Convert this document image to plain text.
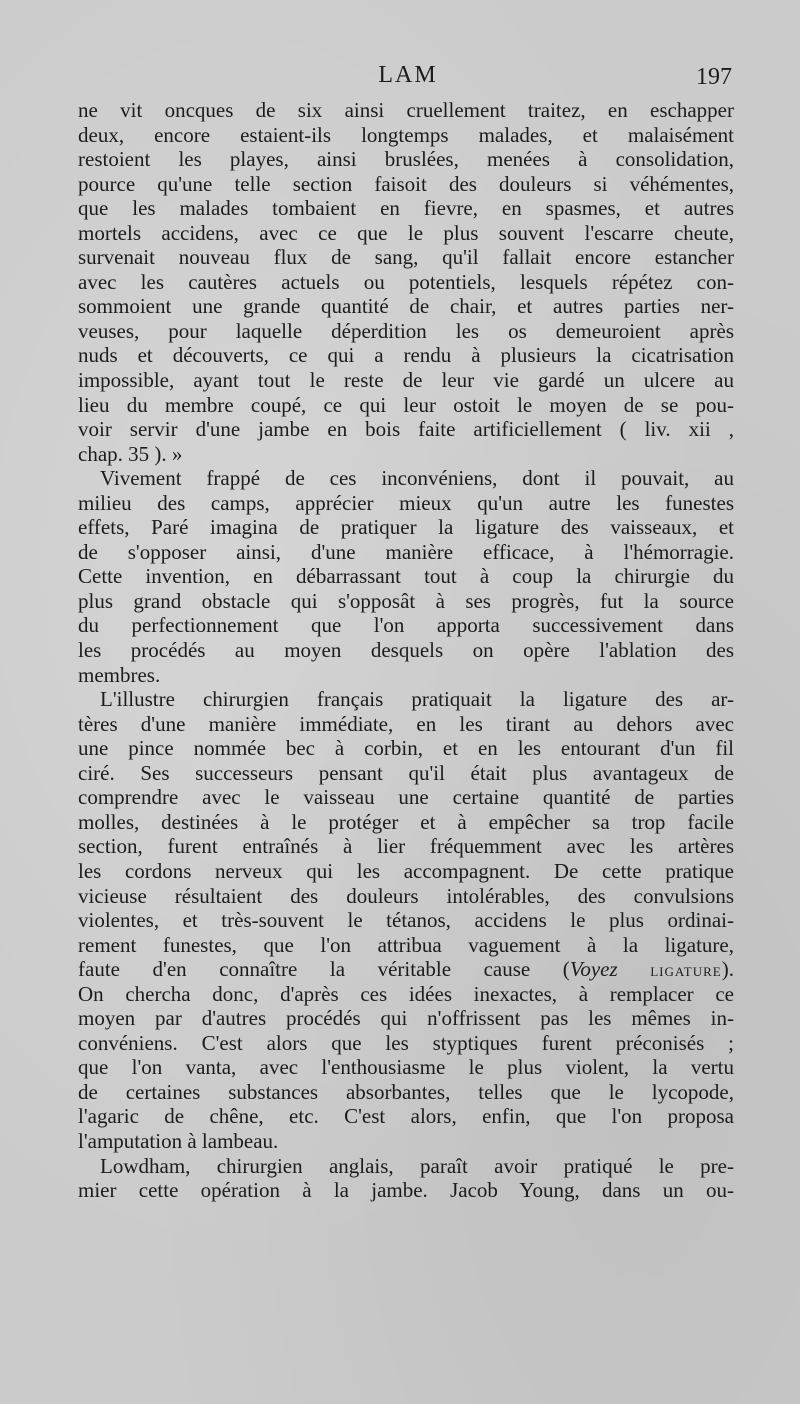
LAM	197
ne vit oncques de six ainsi cruellement traitez, en eschapper
deux, encore estaient-ils longtemps malades, et malaisément
restoient les playes, ainsi bruslées, menées à consolidation,
pource qu'une telle section faisoit des douleurs si véhémentes,
que les malades tombaient en fievre, en spasmes, et autres
mortels accidens, avec ce que le plus souvent l'escarre cheute,
survenait nouveau flux de sang, qu'il fallait encore estancher
avec les cautères actuels ou potentiels, lesquels répétez con-
sommoient une grande quantité de chair, et autres parties ner-
veuses, pour laquelle déperdition les os demeuroient après
nuds et découverts, ce qui a rendu à plusieurs la cicatrisation
impossible, ayant tout le reste de leur vie gardé un ulcere au
lieu du membre coupé, ce qui leur ostoit le moyen de se pou-
voir servir d'une jambe en bois faite artificiellement ( liv. xii ,
chap. 35 ). »
Vivement frappé de ces inconvéniens, dont il pouvait, au
milieu des camps, apprécier mieux qu'un autre les funestes
effets, Paré imagina de pratiquer la ligature des vaisseaux, et
de s'opposer ainsi, d'une manière efficace, à l'hémorragie.
Cette invention, en débarrassant tout à coup la chirurgie du
plus grand obstacle qui s'opposât à ses progrès, fut la source
du perfectionnement que l'on apporta successivement dans
les procédés au moyen desquels on opère l'ablation des
membres.
L'illustre chirurgien français pratiquait la ligature des ar-
tères d'une manière immédiate, en les tirant au dehors avec
une pince nommée bec à corbin, et en les entourant d'un fil
ciré. Ses successeurs pensant qu'il était plus avantageux de
comprendre avec le vaisseau une certaine quantité de parties
molles, destinées à le protéger et à empêcher sa trop facile
section, furent entraînés à lier fréquemment avec les artères
les cordons nerveux qui les accompagnent. De cette pratique
vicieuse résultaient des douleurs intolérables, des convulsions
violentes, et très-souvent le tétanos, accidens le plus ordinai-
rement funestes, que l'on attribua vaguement à la ligature,
faute d'en connaître la véritable cause (Voyez ligature).
On chercha donc, d'après ces idées inexactes, à remplacer ce
moyen par d'autres procédés qui n'offrissent pas les mêmes in-
convéniens. C'est alors que les styptiques furent préconisés ;
que l'on vanta, avec l'enthousiasme le plus violent, la vertu
de certaines substances absorbantes, telles que le lycopode,
l'agaric de chêne, etc. C'est alors, enfin, que l'on proposa
l'amputation à lambeau.
Lowdham, chirurgien anglais, paraît avoir pratiqué le pre-
mier cette opération à la jambe. Jacob Young, dans un ou-
